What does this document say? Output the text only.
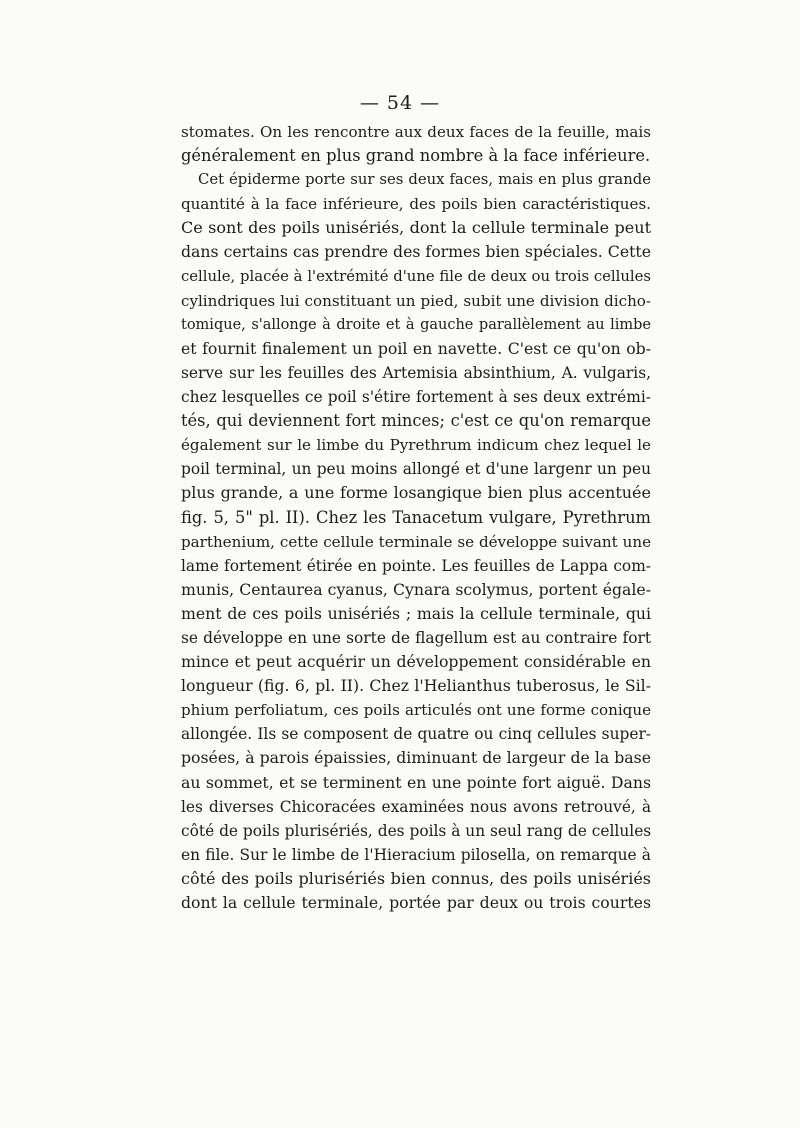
— 54 —
stomates. On les rencontre aux deux faces de la feuille, mais
généralement en plus grand nombre à la face inférieure.
Cet épiderme porte sur ses deux faces, mais en plus grande
quantité à la face inférieure, des poils bien caractéristiques.
Ce sont des poils unisériés, dont la cellule terminale peut
dans certains cas prendre des formes bien spéciales. Cette
cellule, placée à l'extrémité d'une file de deux ou trois cellules
cylindriques lui constituant un pied, subit une division dicho-
tomique, s'allonge à droite et à gauche parallèlement au limbe
et fournit finalement un poil en navette. C'est ce qu'on ob-
serve sur les feuilles des Artemisia absinthium, A. vulgaris,
chez lesquelles ce poil s'étire fortement à ses deux extrémi-
tés, qui deviennent fort minces; c'est ce qu'on remarque
également sur le limbe du Pyrethrum indicum chez lequel le
poil terminal, un peu moins allongé et d'une largenr un peu
plus grande, a une forme losangique bien plus accentuée
fig. 5, 5" pl. II). Chez les Tanacetum vulgare, Pyrethrum
parthenium, cette cellule terminale se développe suivant une
lame fortement étirée en pointe. Les feuilles de Lappa com-
munis, Centaurea cyanus, Cynara scolymus, portent égale-
ment de ces poils unisériés ; mais la cellule terminale, qui
se développe en une sorte de flagellum est au contraire fort
mince et peut acquérir un développement considérable en
longueur (fig. 6, pl. II). Chez l'Helianthus tuberosus, le Sil-
phium perfoliatum, ces poils articulés ont une forme conique
allongée. Ils se composent de quatre ou cinq cellules super-
posées, à parois épaissies, diminuant de largeur de la base
au sommet, et se terminent en une pointe fort aiguë. Dans
les diverses Chicoracées examinées nous avons retrouvé, à
côté de poils plurisériés, des poils à un seul rang de cellules
en file. Sur le limbe de l'Hieracium pilosella, on remarque à
côté des poils plurisériés bien connus, des poils unisériés
dont la cellule terminale, portée par deux ou trois courtes
